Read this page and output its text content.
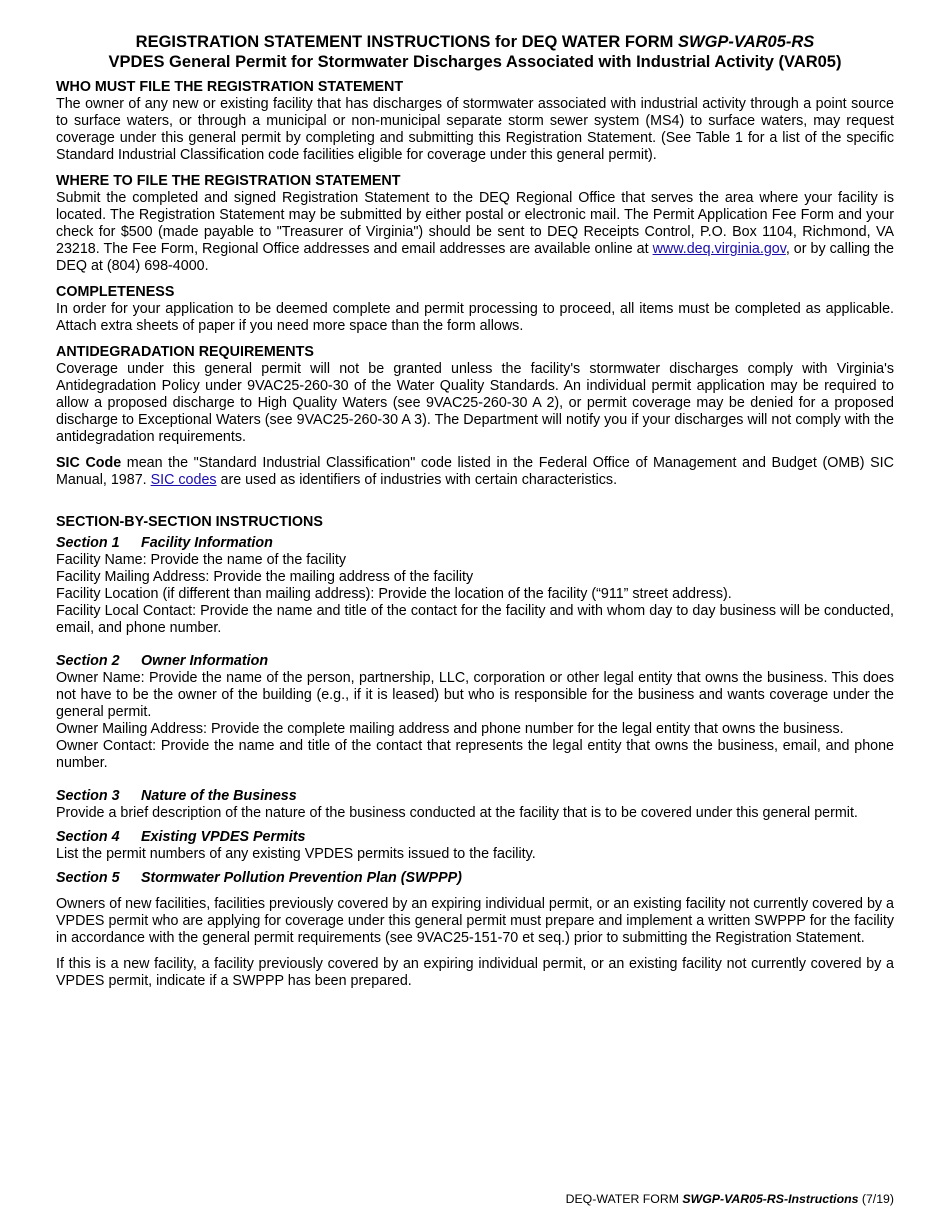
REGISTRATION STATEMENT INSTRUCTIONS for DEQ WATER FORM SWGP-VAR05-RS
VPDES General Permit for Stormwater Discharges Associated with Industrial Activity (VAR05)
WHO MUST FILE THE REGISTRATION STATEMENT
The owner of any new or existing facility that has discharges of stormwater associated with industrial activity through a point source to surface waters, or through a municipal or non-municipal separate storm sewer system (MS4) to surface waters, may request coverage under this general permit by completing and submitting this Registration Statement. (See Table 1 for a list of the specific Standard Industrial Classification code facilities eligible for coverage under this general permit).
WHERE TO FILE THE REGISTRATION STATEMENT
Submit the completed and signed Registration Statement to the DEQ Regional Office that serves the area where your facility is located. The Registration Statement may be submitted by either postal or electronic mail. The Permit Application Fee Form and your check for $500 (made payable to "Treasurer of Virginia") should be sent to DEQ Receipts Control, P.O. Box 1104, Richmond, VA 23218. The Fee Form, Regional Office addresses and email addresses are available online at www.deq.virginia.gov, or by calling the DEQ at (804) 698-4000.
COMPLETENESS
In order for your application to be deemed complete and permit processing to proceed, all items must be completed as applicable. Attach extra sheets of paper if you need more space than the form allows.
ANTIDEGRADATION REQUIREMENTS
Coverage under this general permit will not be granted unless the facility's stormwater discharges comply with Virginia's Antidegradation Policy under 9VAC25-260-30 of the Water Quality Standards. An individual permit application may be required to allow a proposed discharge to High Quality Waters (see 9VAC25-260-30 A 2), or permit coverage may be denied for a proposed discharge to Exceptional Waters (see 9VAC25-260-30 A 3). The Department will notify you if your discharges will not comply with the antidegradation requirements.
SIC Code mean the "Standard Industrial Classification" code listed in the Federal Office of Management and Budget (OMB) SIC Manual, 1987. SIC codes are used as identifiers of industries with certain characteristics.
SECTION-BY-SECTION INSTRUCTIONS
Section 1 Facility Information
Facility Name: Provide the name of the facility
Facility Mailing Address: Provide the mailing address of the facility
Facility Location (if different than mailing address): Provide the location of the facility (“911” street address).
Facility Local Contact: Provide the name and title of the contact for the facility and with whom day to day business will be conducted, email, and phone number.
Section 2 Owner Information
Owner Name: Provide the name of the person, partnership, LLC, corporation or other legal entity that owns the business. This does not have to be the owner of the building (e.g., if it is leased) but who is responsible for the business and wants coverage under the general permit.
Owner Mailing Address: Provide the complete mailing address and phone number for the legal entity that owns the business.
Owner Contact: Provide the name and title of the contact that represents the legal entity that owns the business, email, and phone number.
Section 3 Nature of the Business
Provide a brief description of the nature of the business conducted at the facility that is to be covered under this general permit.
Section 4 Existing VPDES Permits
List the permit numbers of any existing VPDES permits issued to the facility.
Section 5 Stormwater Pollution Prevention Plan (SWPPP)
Owners of new facilities, facilities previously covered by an expiring individual permit, or an existing facility not currently covered by a VPDES permit who are applying for coverage under this general permit must prepare and implement a written SWPPP for the facility in accordance with the general permit requirements (see 9VAC25-151-70 et seq.) prior to submitting the Registration Statement.
If this is a new facility, a facility previously covered by an expiring individual permit, or an existing facility not currently covered by a VPDES permit, indicate if a SWPPP has been prepared.
DEQ-WATER FORM SWGP-VAR05-RS-Instructions (7/19)
